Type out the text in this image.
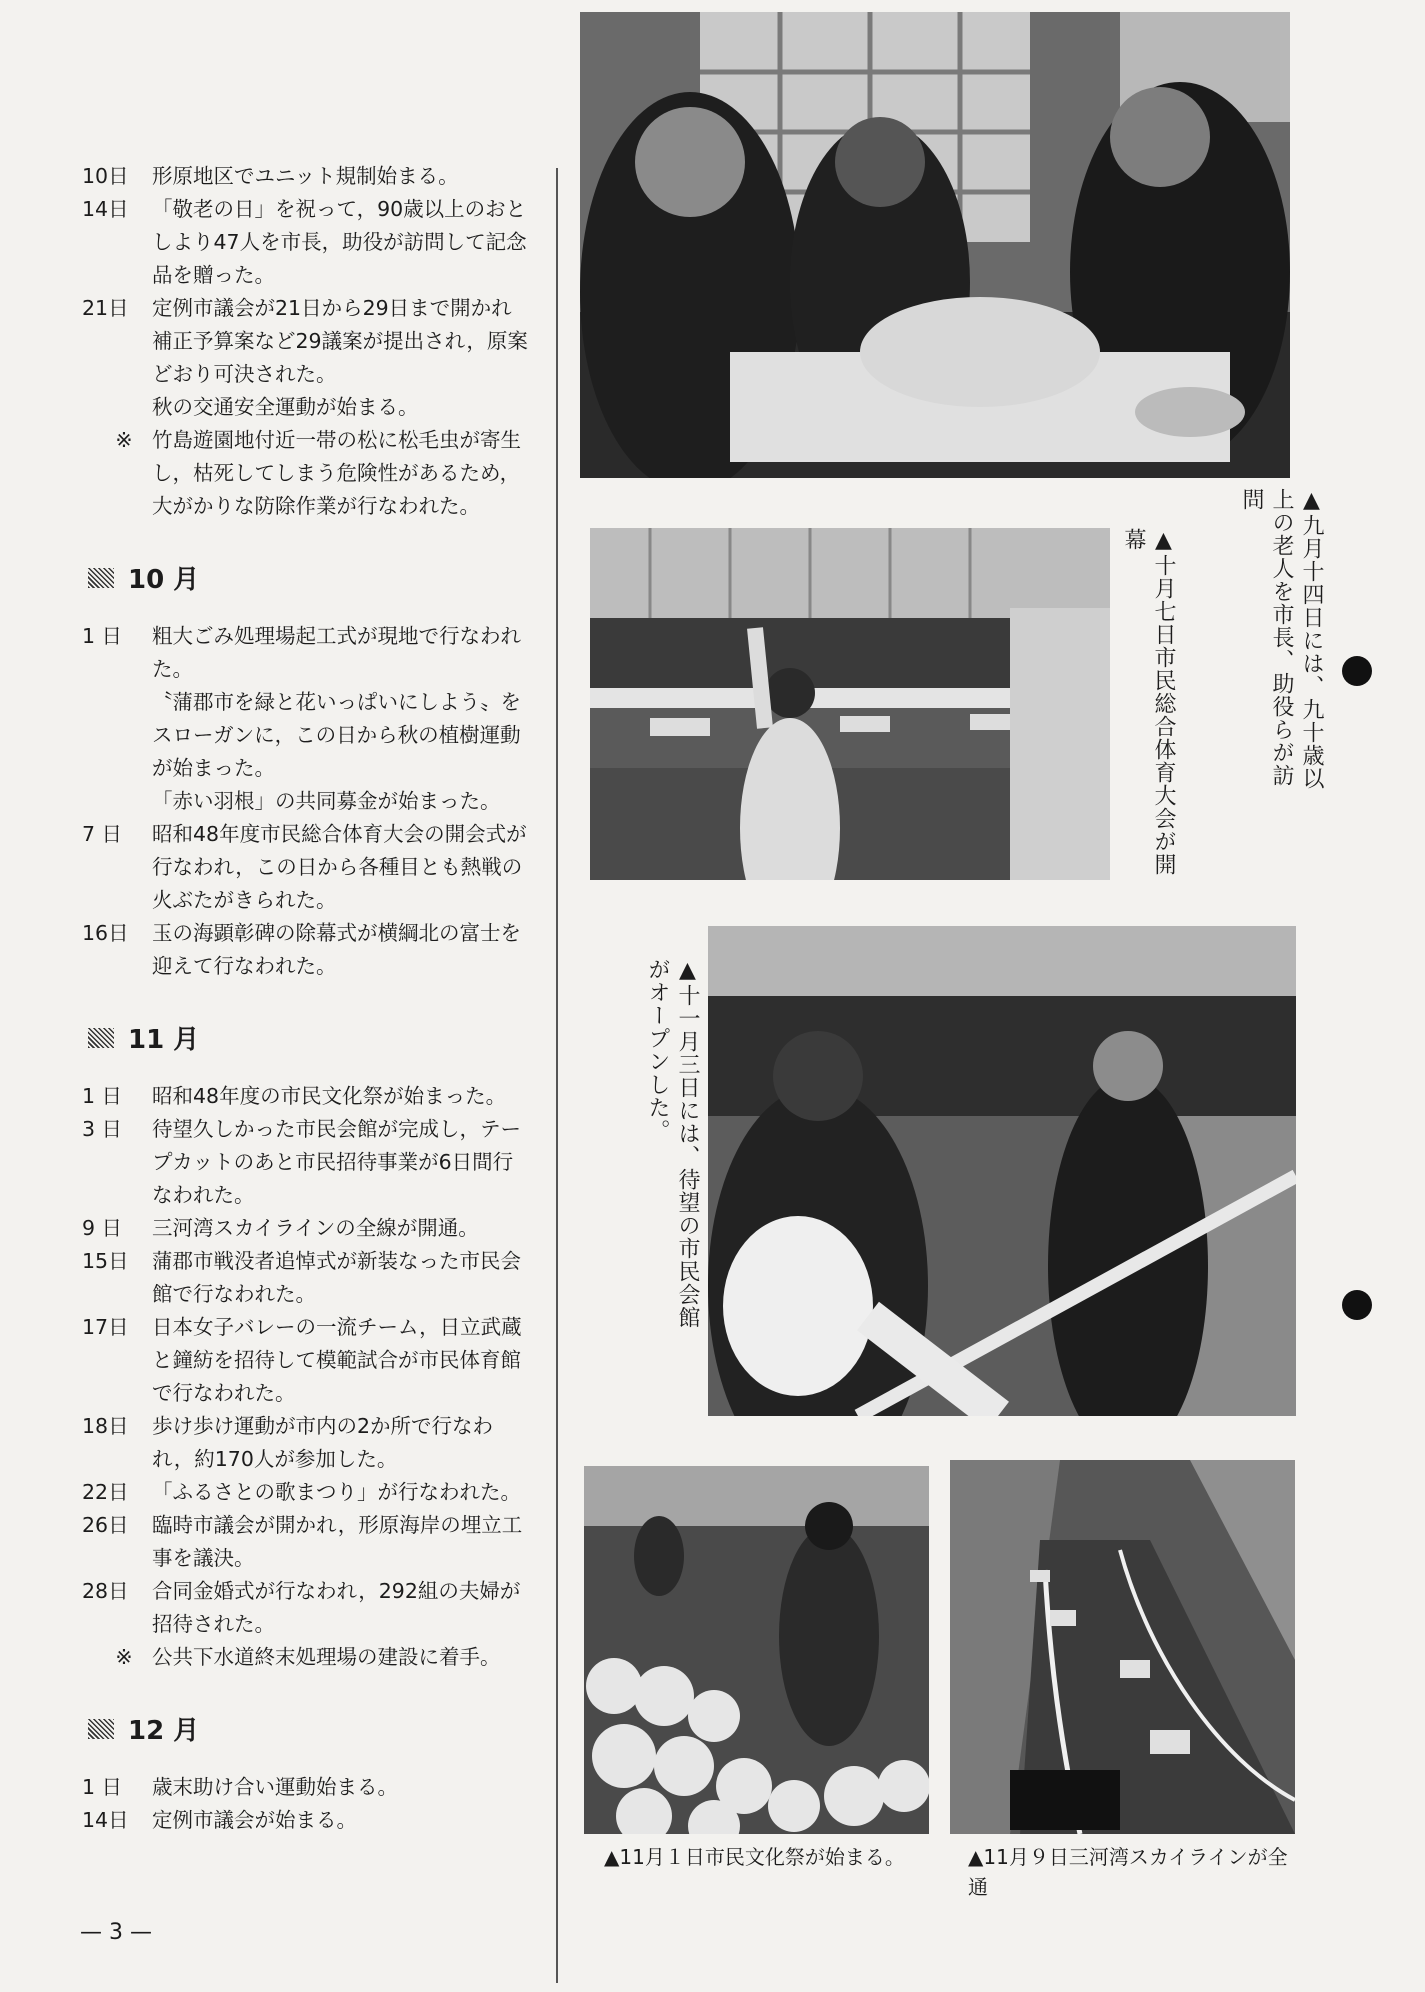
10日	形原地区でユニット規制始まる。
14日	「敬老の日」を祝って，90歳以上のおとしより47人を市長，助役が訪問して記念品を贈った。
21日	定例市議会が21日から29日まで開かれ補正予算案など29議案が提出され，原案どおり可決された。
秋の交通安全運動が始まる。
※ 竹島遊園地付近一帯の松に松毛虫が寄生し，枯死してしまう危険性があるため，大がかりな防除作業が行なわれた。
10 月
1 日	粗大ごみ処理場起工式が現地で行なわれた。
〝蒲郡市を緑と花いっぱいにしよう〟をスローガンに，この日から秋の植樹運動が始まった。
「赤い羽根」の共同募金が始まった。
7 日	昭和48年度市民総合体育大会の開会式が行なわれ，この日から各種目とも熱戦の火ぶたがきられた。
16日	玉の海顕彰碑の除幕式が横綱北の富士を迎えて行なわれた。
11 月
1 日	昭和48年度の市民文化祭が始まった。
3 日	待望久しかった市民会館が完成し，テープカットのあと市民招待事業が6日間行なわれた。
9 日	三河湾スカイラインの全線が開通。
15日	蒲郡市戦没者追悼式が新装なった市民会館で行なわれた。
17日	日本女子バレーの一流チーム，日立武蔵と鐘紡を招待して模範試合が市民体育館で行なわれた。
18日	歩け歩け運動が市内の2か所で行なわれ，約170人が参加した。
22日	「ふるさとの歌まつり」が行なわれた。
26日	臨時市議会が開かれ，形原海岸の埋立工事を議決。
28日	合同金婚式が行なわれ，292組の夫婦が招待された。
※ 公共下水道終末処理場の建設に着手。
12 月
1 日	歳末助け合い運動始まる。
14日	定例市議会が始まる。
— 3 —
▲九月十四日には、九十歳以上の老人を市長、助役らが訪問
▲十月七日市民総合体育大会が開幕
▲十一月三日には、待望の市民会館がオープンした。
▲11月１日市民文化祭が始まる。	▲11月９日三河湾スカイラインが全通
